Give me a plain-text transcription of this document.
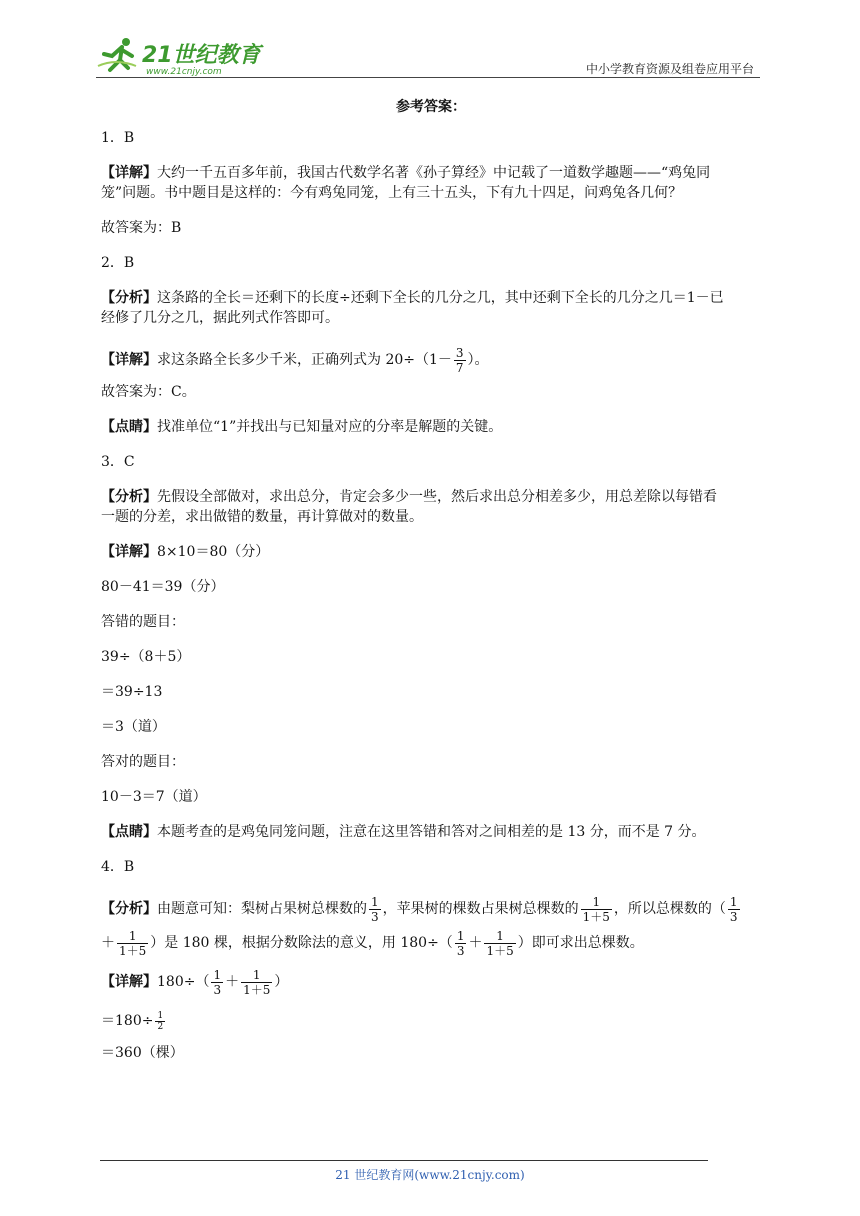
21世纪教育
www.21cnjy.com	中小学教育资源及组卷应用平台
参考答案：
1．B
【详解】大约一千五百多年前，我国古代数学名著《孙子算经》中记载了一道数学趣题——“鸡兔同
笼”问题。书中题目是这样的：今有鸡兔同笼，上有三十五头，下有九十四足，问鸡兔各几何？
故答案为：B
2．B
【分析】这条路的全长＝还剩下的长度÷还剩下全长的几分之几，其中还剩下全长的几分之几＝1－已
经修了几分之几，据此列式作答即可。
【详解】求这条路全长多少千米，正确列式为 $20\div(1- \frac{3}{7}$ ）。
故答案为：C。
【点睛】找准单位“1”并找出与已知量对应的分率是解题的关键。
3．C
【分析】先假设全部做对，求出总分，肯定会多少一些，然后求出总分相差多少，用总差除以每错看
一题的分差，求出做错的数量，再计算做对的数量。
【详解】8×10＝80（分）
80－41＝39（分）
答错的题目：
39÷（8＋5）
＝39÷13
＝3（道）
答对的题目：
10－3＝7（道）
【点睛】本题考查的是鸡兔同笼问题，注意在这里答错和答对之间相差的是 13 分，而不是 7 分。
4．B
【分析】由题意可知：梨树占果树总棵数的 $\frac{1}{3}$ ，苹果树的棵数占果树总棵数的 $\frac{1}{1+5}$ ，所以总棵数的（ $\frac{1}{3}$

＋ $\frac{1}{1+5}$ ）是 180 棵，根据分数除法的意义，用 $180\div( \frac{1}{3} + \frac{1}{1+5}$ ）即可求出总棵数。
【详解】$180\div( \frac{1}{3} + \frac{1}{1+5}$ ）
$=180\div \frac{1}{2}$
＝360（棵）
21 世纪教育网(www.21cnjy.com)
